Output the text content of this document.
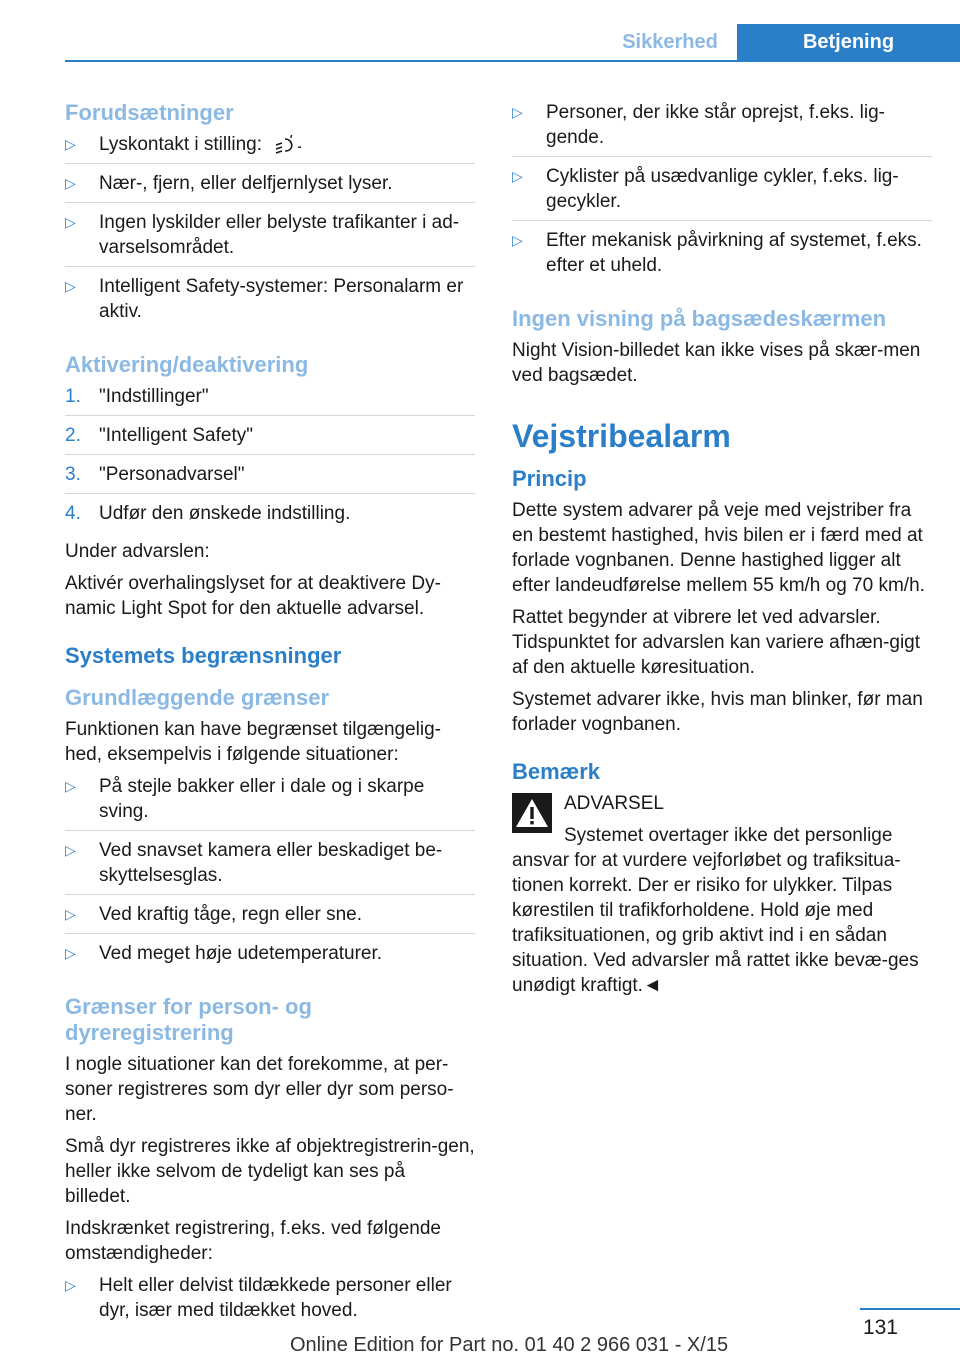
Sikkerhed	Betjening
Forudsætninger
▷ Lyskontakt i stilling:
▷ Nær-, fjern, eller delfjernlyset lyser.
▷ Ingen lyskilder eller belyste trafikanter i ad-varselsområdet.
▷ Intelligent Safety-systemer: Personalarm er aktiv.
Aktivering/deaktivering
1. "Indstillinger"
2. "Intelligent Safety"
3. "Personadvarsel"
4. Udfør den ønskede indstilling.
Under advarslen:
Aktivér overhalingslyset for at deaktivere Dy-namic Light Spot for den aktuelle advarsel.
Systemets begrænsninger
Grundlæggende grænser
Funktionen kan have begrænset tilgængelig-hed, eksempelvis i følgende situationer:
▷ På stejle bakker eller i dale og i skarpe sving.
▷ Ved snavset kamera eller beskadiget be-skyttelsesglas.
▷ Ved kraftig tåge, regn eller sne.
▷ Ved meget høje udetemperaturer.
Grænser for person- og dyreregistrering
I nogle situationer kan det forekomme, at per-soner registreres som dyr eller dyr som perso-ner.
Små dyr registreres ikke af objektregistrerin-gen, heller ikke selvom de tydeligt kan ses på billedet.
Indskrænket registrering, f.eks. ved følgende omstændigheder:
▷ Helt eller delvist tildækkede personer eller dyr, især med tildækket hoved.
▷ Personer, der ikke står oprejst, f.eks. lig-gende.
▷ Cyklister på usædvanlige cykler, f.eks. lig-gecykler.
▷ Efter mekanisk påvirkning af systemet, f.eks. efter et uheld.
Ingen visning på bagsædeskærmen
Night Vision-billedet kan ikke vises på skær-men ved bagsædet.
Vejstribealarm
Princip
Dette system advarer på veje med vejstriber fra en bestemt hastighed, hvis bilen er i færd med at forlade vognbanen. Denne hastighed ligger alt efter landeudførelse mellem 55 km/h og 70 km/h.
Rattet begynder at vibrere let ved advarsler. Tidspunktet for advarslen kan variere afhæn-gigt af den aktuelle køresituation.
Systemet advarer ikke, hvis man blinker, før man forlader vognbanen.
Bemærk
ADVARSEL
Systemet overtager ikke det personlige ansvar for at vurdere vejforløbet og trafiksitua-tionen korrekt. Der er risiko for ulykker. Tilpas kørestilen til trafikforholdene. Hold øje med trafiksituationen, og grib aktivt ind i en sådan situation. Ved advarsler må rattet ikke bevæ-ges unødigt kraftigt.◄
131
Online Edition for Part no. 01 40 2 966 031 - X/15
